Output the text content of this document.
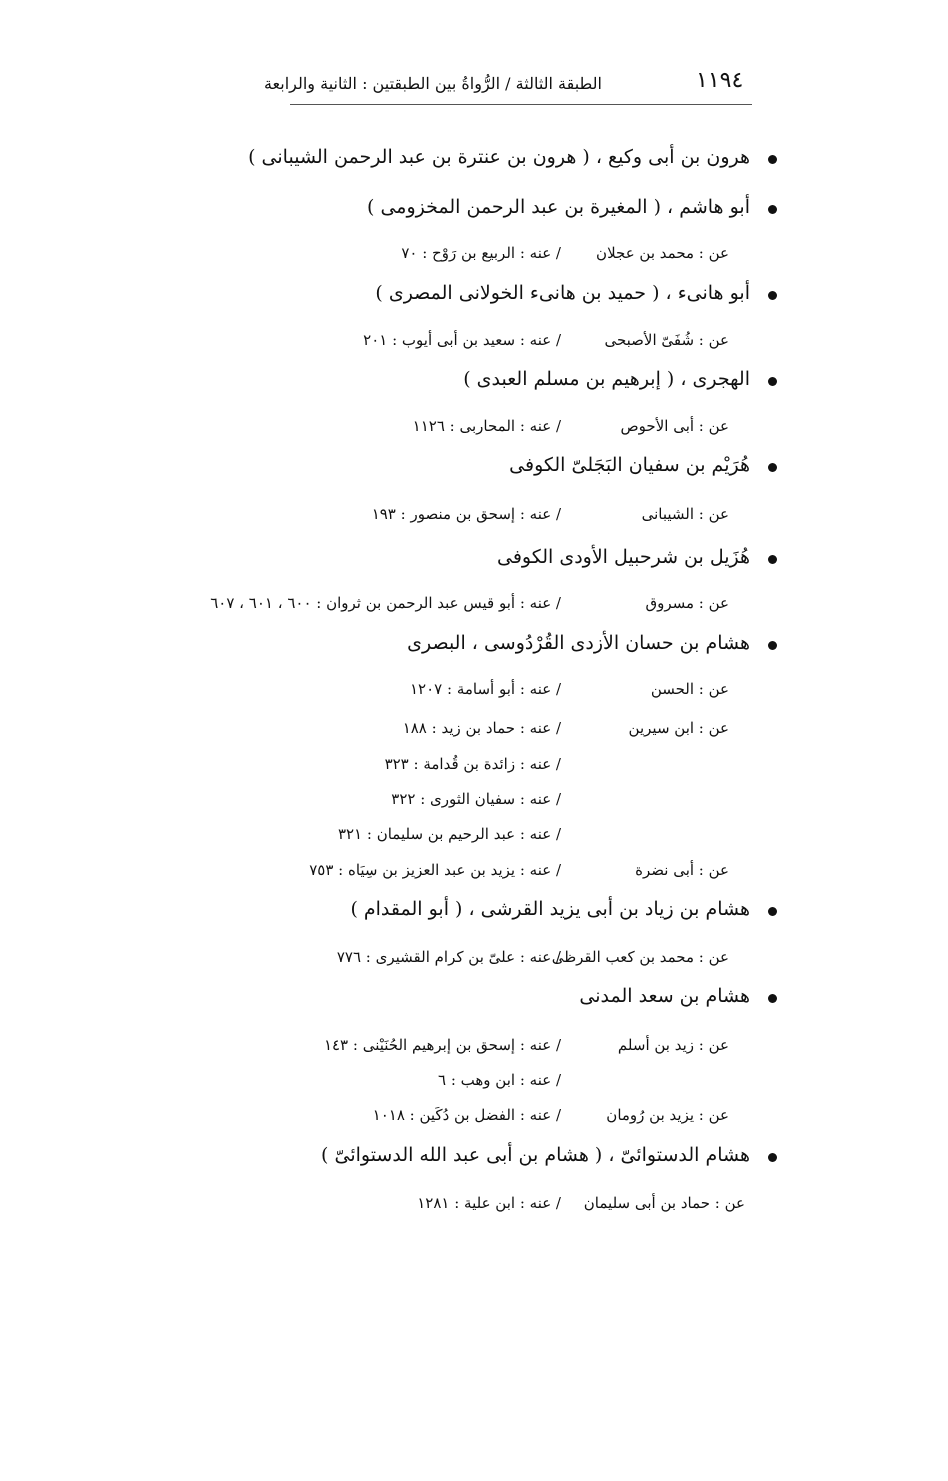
١١٩٤
الطبقة الثالثة / الرُّواةُ بين الطبقتين : الثانية والرابعة
هرون بن أبى وكيع ، ( هرون بن عنترة بن عبد الرحمن الشيبانى )
أبو هاشم ، ( المغيرة بن عبد الرحمن المخزومى )
عن : محمد بن عجلان
/ عنه : الربيع بن رَوْح : ٧٠
أبو هانىء ، ( حميد بن هانىء الخولانى المصرى )
عن : شُفَىّ الأصبحى
/ عنه : سعيد بن أبى أيوب : ٢٠١
الهجرى ، ( إبرهيم بن مسلم العبدى )
عن : أبى الأحوص
/ عنه : المحاربى : ١١٢٦
هُرَيْم بن سفيان البَجَلىّ الكوفى
عن : الشيبانى
/ عنه : إسحق بن منصور : ١٩٣
هُزَيل بن شرحبيل الأودى الكوفى
عن : مسروق
/ عنه : أبو قيس عبد الرحمن بن ثروان : ٦٠٠ ، ٦٠١ ، ٦٠٧
هشام بن حسان الأزدى القُرْدُوسى ، البصرى
عن : الحسن
/ عنه : أبو أسامة : ١٢٠٧
عن : ابن سيرين
/ عنه : حماد بن زيد : ١٨٨
/ عنه : زائدة بن قُدامة : ٣٢٣
/ عنه : سفيان الثورى : ٣٢٢
/ عنه : عبد الرحيم بن سليمان : ٣٢١
عن : أبى نضرة
/ عنه : يزيد بن عبد العزيز بن سِيَاه : ٧٥٣
هشام بن زياد بن أبى يزيد القرشى ، ( أبو المقدام )
عن : محمد بن كعب القرظى
/ عنه : علىّ بن كرام القشيرى : ٧٧٦
هشام بن سعد المدنى
عن : زيد بن أسلم
/ عنه : إسحق بن إبرهيم الحُنَيْنى : ١٤٣
/ عنه : ابن وهب : ٦
عن : يزيد بن رُومان
/ عنه : الفضل بن دُكَين : ١٠١٨
هشام الدستوائىّ ، ( هشام بن أبى عبد الله الدستوائىّ )
عن : حماد بن أبى سليمان
/ عنه : ابن علية : ١٢٨١
